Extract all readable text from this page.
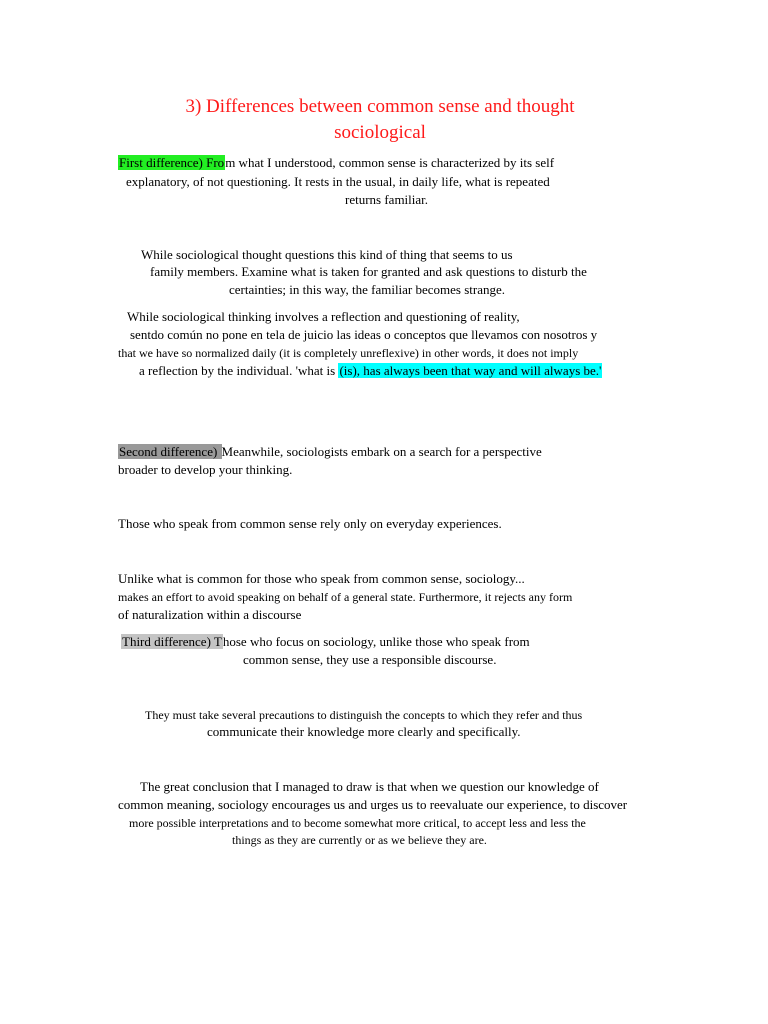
3) Differences between common sense and thought
sociological
First difference) From what I understood, common sense is characterized by its self
explanatory, of not questioning. It rests in the usual, in daily life, what is repeated
returns familiar.
While sociological thought questions this kind of thing that seems to us
family members. Examine what is taken for granted and ask questions to disturb the
certainties; in this way, the familiar becomes strange.
While sociological thinking involves a reflection and questioning of reality,
sentdo común no pone en tela de juicio las ideas o conceptos que llevamos con nosotros y
that we have so normalized daily (it is completely unreflexive) in other words, it does not imply
a reflection by the individual. 'what is (is), has always been that way and will always be.'
Second difference) Meanwhile, sociologists embark on a search for a perspective
broader to develop your thinking.
Those who speak from common sense rely only on everyday experiences.
Unlike what is common for those who speak from common sense, sociology...
makes an effort to avoid speaking on behalf of a general state. Furthermore, it rejects any form
of naturalization within a discourse
Third difference) Those who focus on sociology, unlike those who speak from
common sense, they use a responsible discourse.
They must take several precautions to distinguish the concepts to which they refer and thus
communicate their knowledge more clearly and specifically.
The great conclusion that I managed to draw is that when we question our knowledge of
common meaning, sociology encourages us and urges us to reevaluate our experience, to discover
more possible interpretations and to become somewhat more critical, to accept less and less the
things as they are currently or as we believe they are.
